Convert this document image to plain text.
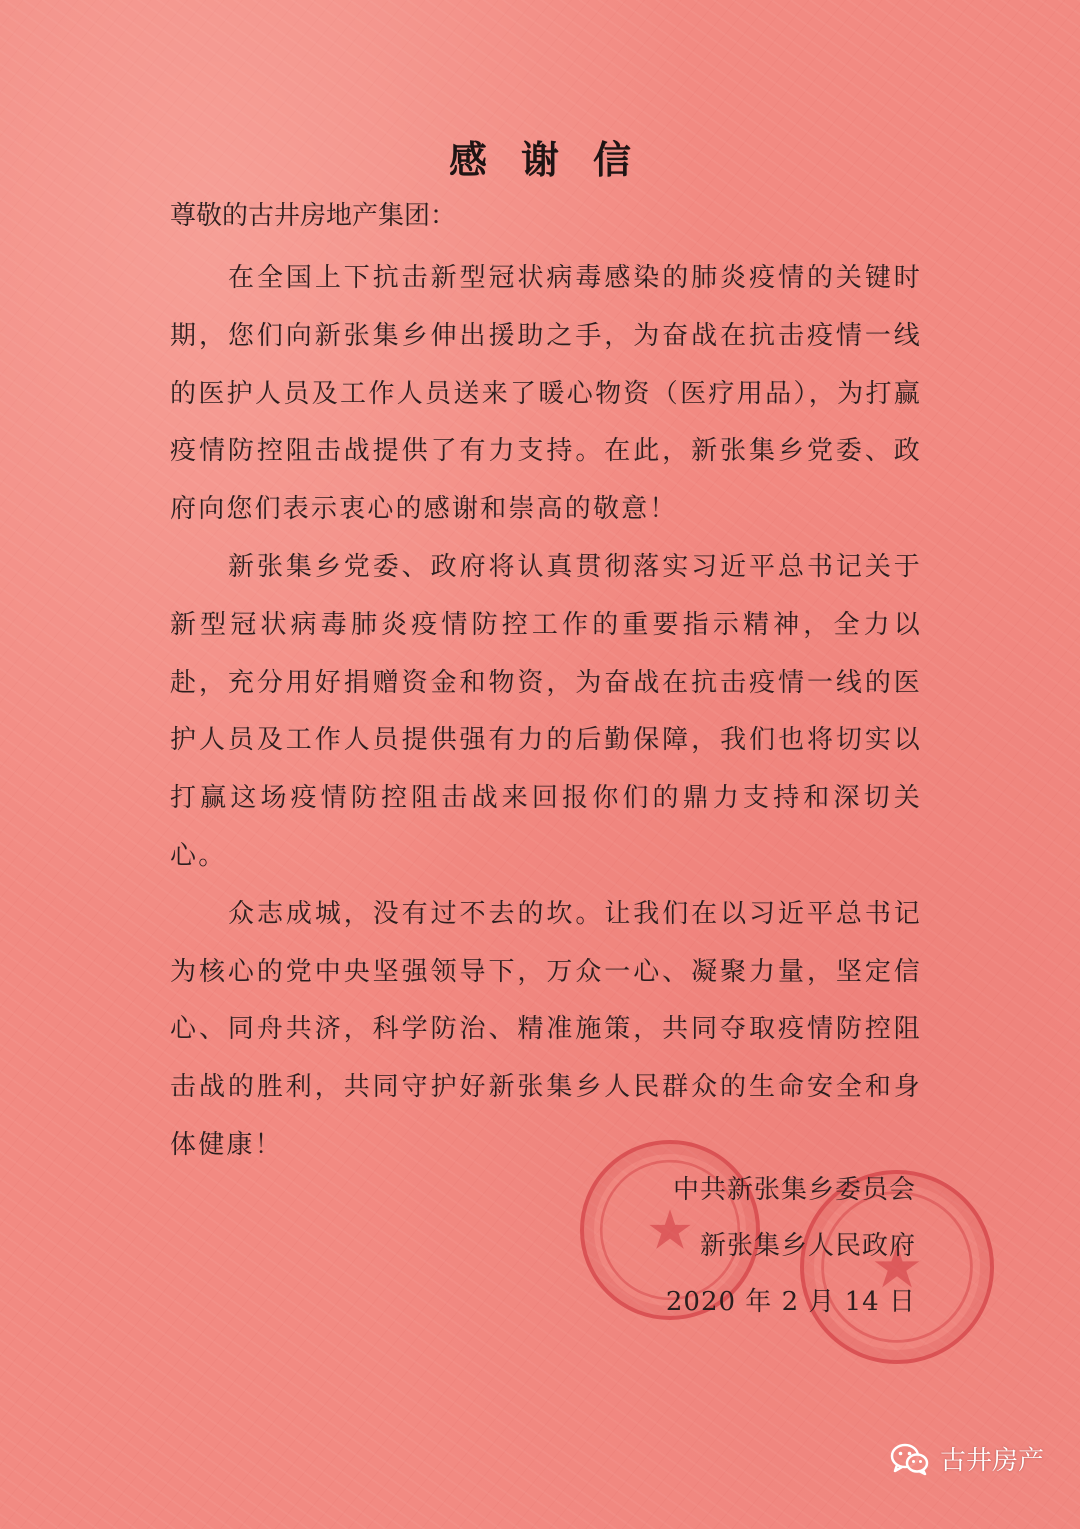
感谢信
尊敬的古井房地产集团：

在全国上下抗击新型冠状病毒感染的肺炎疫情的关键时期，您们向新张集乡伸出援助之手，为奋战在抗击疫情一线的医护人员及工作人员送来了暖心物资（医疗用品），为打赢疫情防控阻击战提供了有力支持。在此，新张集乡党委、政府向您们表示衷心的感谢和崇高的敬意！

新张集乡党委、政府将认真贯彻落实习近平总书记关于新型冠状病毒肺炎疫情防控工作的重要指示精神，全力以赴，充分用好捐赠资金和物资，为奋战在抗击疫情一线的医护人员及工作人员提供强有力的后勤保障，我们也将切实以打赢这场疫情防控阻击战来回报你们的鼎力支持和深切关心。

众志成城，没有过不去的坎。让我们在以习近平总书记为核心的党中央坚强领导下，万众一心、凝聚力量，坚定信心、同舟共济，科学防治、精准施策，共同夺取疫情防控阻击战的胜利，共同守护好新张集乡人民群众的生命安全和身体健康！

中共新张集乡委员会
新张集乡人民政府
2020 年 2 月 14 日
古井房产
